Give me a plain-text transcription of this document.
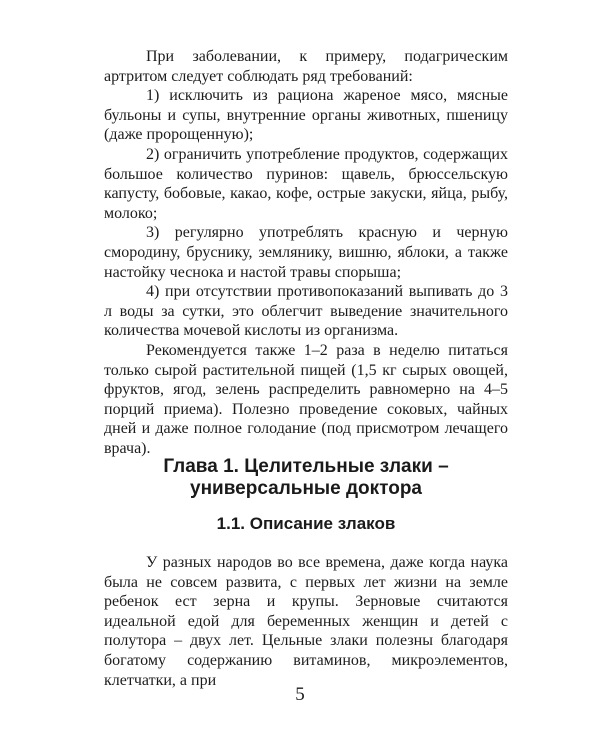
При заболевании, к примеру, подагрическим артритом следует соблюдать ряд требований:

1) исключить из рациона жареное мясо, мясные бульоны и супы, внутренние органы животных, пшеницу (даже пророщенную);

2) ограничить употребление продуктов, содержащих большое количество пуринов: щавель, брюссельскую капусту, бобовые, какао, кофе, острые закуски, яйца, рыбу, молоко;

3) регулярно употреблять красную и черную смородину, бруснику, землянику, вишню, яблоки, а также настойку чеснока и настой травы спорыша;

4) при отсутствии противопоказаний выпивать до 3 л воды за сутки, это облегчит выведение значительного количества мочевой кислоты из организма.

Рекомендуется также 1–2 раза в неделю питаться только сырой растительной пищей (1,5 кг сырых овощей, фруктов, ягод, зелень распределить равномерно на 4–5 порций приема). Полезно проведение соковых, чайных дней и даже полное голодание (под присмотром лечащего врача).

Глава 1. Целительные злаки –
универсальные доктора
1.1. Описание злаков

У разных народов во все времена, даже когда наука была не совсем развита, с первых лет жизни на земле ребенок ест зерна и крупы. Зерновые считаются идеальной едой для беременных женщин и детей с полутора – двух лет. Цельные злаки полезны благодаря богатому содержанию витаминов, микроэлементов, клетчатки, а при

5
